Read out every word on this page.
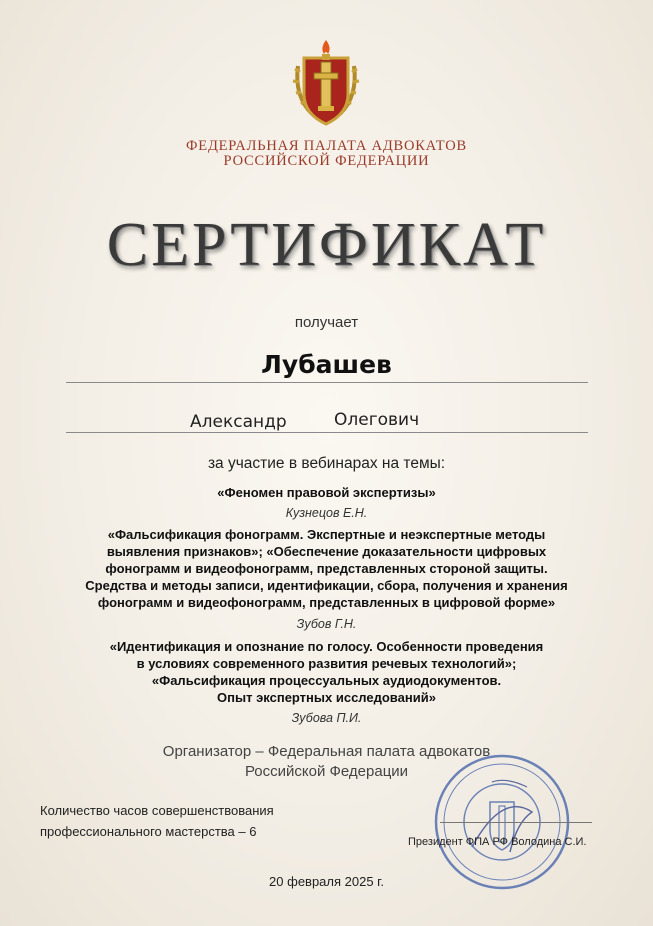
ФЕДЕРАЛЬНАЯ ПАЛАТА АДВОКАТОВ
РОССИЙСКОЙ ФЕДЕРАЦИИ
СЕРТИФИКАТ
получает
Лубашев
Александр	Олегович
за участие в вебинарах на темы:
«Феномен правовой экспертизы»
Кузнецов Е.Н.
«Фальсификация фонограмм. Экспертные и неэкспертные методы
выявления признаков»; «Обеспечение доказательности цифровых
фонограмм и видеофонограмм, представленных стороной защиты.
Средства и методы записи, идентификации, сбора, получения и хранения
фонограмм и видеофонограмм, представленных в цифровой форме»
Зубов Г.Н.
«Идентификация и опознание по голосу. Особенности проведения
в условиях современного развития речевых технологий»;
«Фальсификация процессуальных аудиодокументов.
Опыт экспертных исследований»
Зубова П.И.
Организатор – Федеральная палата адвокатов
Российской Федерации
Количество часов совершенствования
профессионального мастерства – 6
Президент ФПА РФ Володина С.И.
20 февраля 2025 г.
